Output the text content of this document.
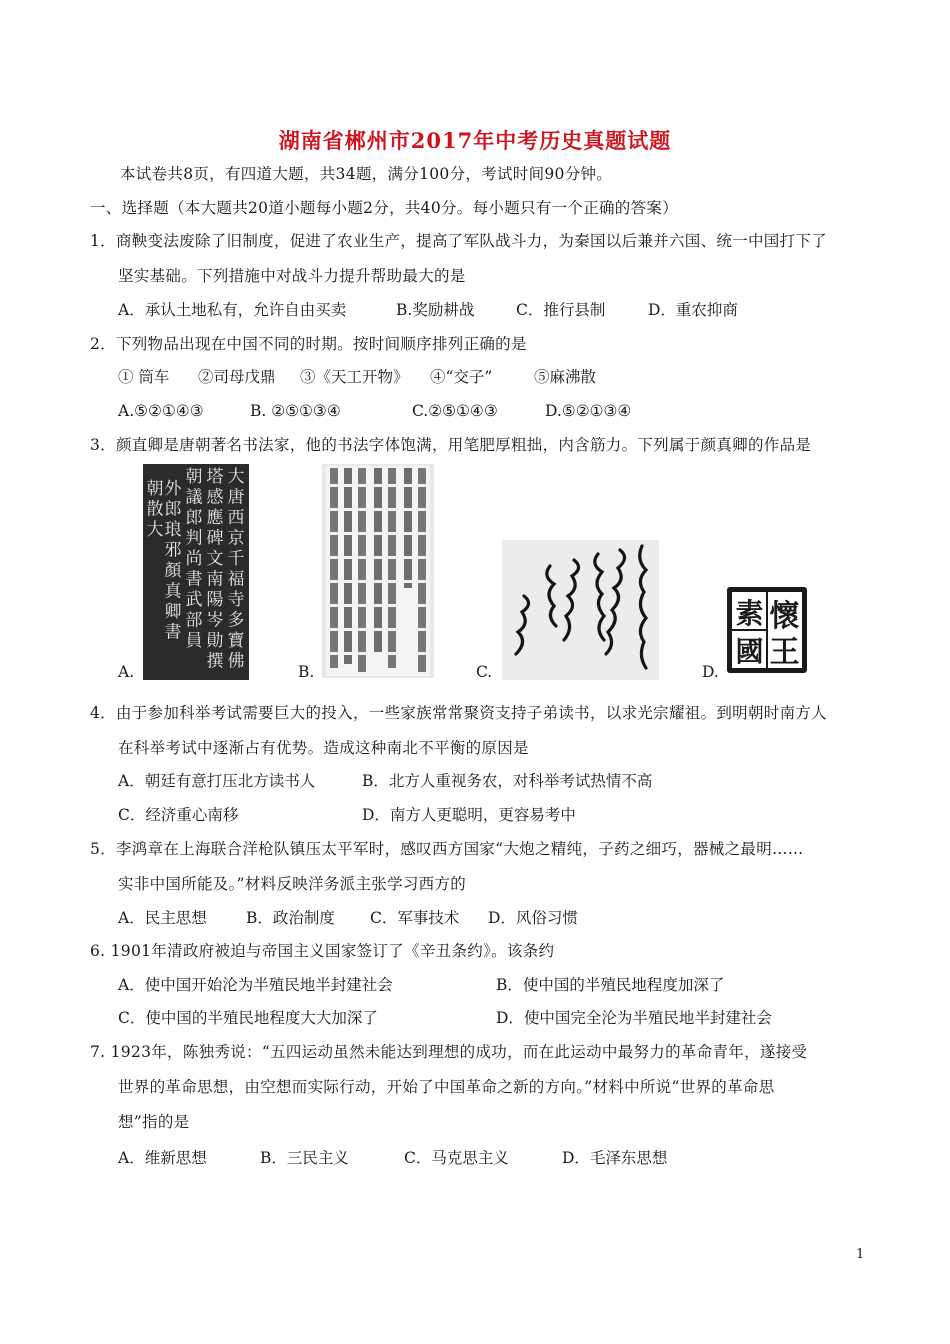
湖南省郴州市2017年中考历史真题试题
本试卷共8页，有四道大题，共34题，满分100分，考试时间90分钟。
一、选择题（本大题共20道小题每小题2分，共40分。每小题只有一个正确的答案）
1．商鞅变法废除了旧制度，促进了农业生产，提高了军队战斗力，为秦国以后兼并六国、统一中国打下了
坚实基础。下列措施中对战斗力提升帮助最大的是
A．承认土地私有，允许自由买卖	B.奖励耕战	C．推行县制	D．重农抑商
2．下列物品出现在中国不同的时期。按时间顺序排列正确的是
① 筒车 ②司母戊鼎 ③《天工开物》 ④“交子”	⑤麻沸散
A.⑤②①④③	B. ②⑤①③④	C.②⑤①④③	D.⑤②①③④
3．颜直卿是唐朝著名书法家，他的书法字体饱满，用笔肥厚粗拙，内含筋力。下列属于颜真卿的作品是
A.
大
唐
西
京
千
福
寺
多
寶
佛
塔
感
應
碑
文
南
陽
岑
勛
撰
朝
議
郎
判
尚
書
武
部
員
外
郎
琅
邪
顏
真
卿
書
朝
散
大
B.	C.	D.
懷
素
國 王
4．由于参加科举考试需要巨大的投入，一些家族常常聚资支持子弟读书，以求光宗耀祖。到明朝时南方人
在科举考试中逐渐占有优势。造成这种南北不平衡的原因是
A．朝廷有意打压北方读书人	B．北方人重视务农，对科举考试热情不高
C．经济重心南移	D．南方人更聪明，更容易考中
5．李鸿章在上海联合洋枪队镇压太平军时，感叹西方国家“大炮之精纯，子药之细巧，器械之最明……
实非中国所能及。”材料反映洋务派主张学习西方的
A．民主思想	B．政治制度 C．军事技术 D．风俗习惯
6. 1901年清政府被迫与帝国主义国家签订了《辛丑条约》。该条约
A．使中国开始沦为半殖民地半封建社会	B．使中国的半殖民地程度加深了
C．使中国的半殖民地程度大大加深了	D．使中国完全沦为半殖民地半封建社会
7. 1923年，陈独秀说：“五四运动虽然未能达到理想的成功，而在此运动中最努力的革命青年，遂接受
世界的革命思想，由空想而实际行动，开始了中国革命之新的方向。”材料中所说“世界的革命思
想”指的是
A．维新思想	B．三民主义	C．马克思主义	D．毛泽东思想
1
